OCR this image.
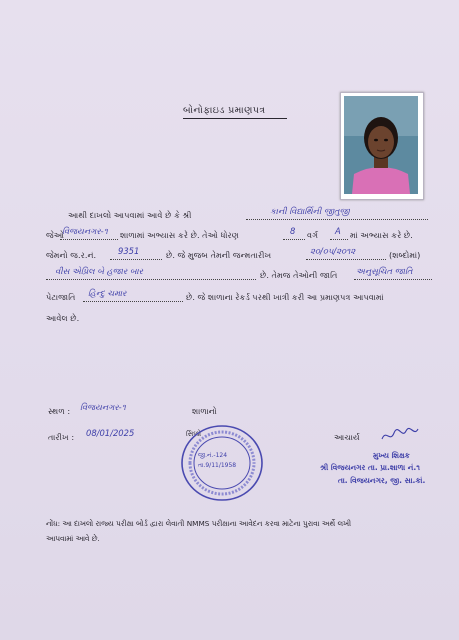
બોનોફાઇડ પ્રમાણપત્ર
આથી દાખલો આપવામાં આવે છે કે શ્રી	કાની વિદ્યાર્થિની જીતુજી
જેઓ
વિજયનગર-૧ શાળામાં અભ્યાસ કરે છે. તેઓ ધોરણ	8 વર્ગ A માં અભ્યાસ કરે છે.
જેમનો જ.ર.નં.	9351	છે. જે મુજબ તેમની જન્મતારીખ	૨૦/૦૫/૨૦૧૨	(શબ્દોમાં)
વીસ એપ્રિલ બે હજાર બાર	છે. તેમજ તેઓની જાતિ અનુસૂચિત જાતિ
પેટાજાતિ હિન્દુ ચમાર	છે. જે શાળાના રેકર્ડ પરથી ખાત્રી કરી આ પ્રમાણપત્ર આપવામાં
આવેલ છે.
સ્થળ : વિજયનગર-૧
તારીખ : 08/01/2025
શાળાનો
સિક્કો
જી.નં.-124
તા.9/11/1958
આચાર્ય
મુખ્ય શિક્ષક
શ્રી વિજયનગર તા. પ્રા.શાળા નં.૧
તા. વિજયનગર, જી. સા.કાં.
નોંધ: આ દાખલો રાજ્ય પરીક્ષા બોર્ડ દ્વારા લેવાતી NMMS પરીક્ષાના આવેદન કરવા માટેના પુરાવા અર્થે લખી
આપવામાં આવે છે.
